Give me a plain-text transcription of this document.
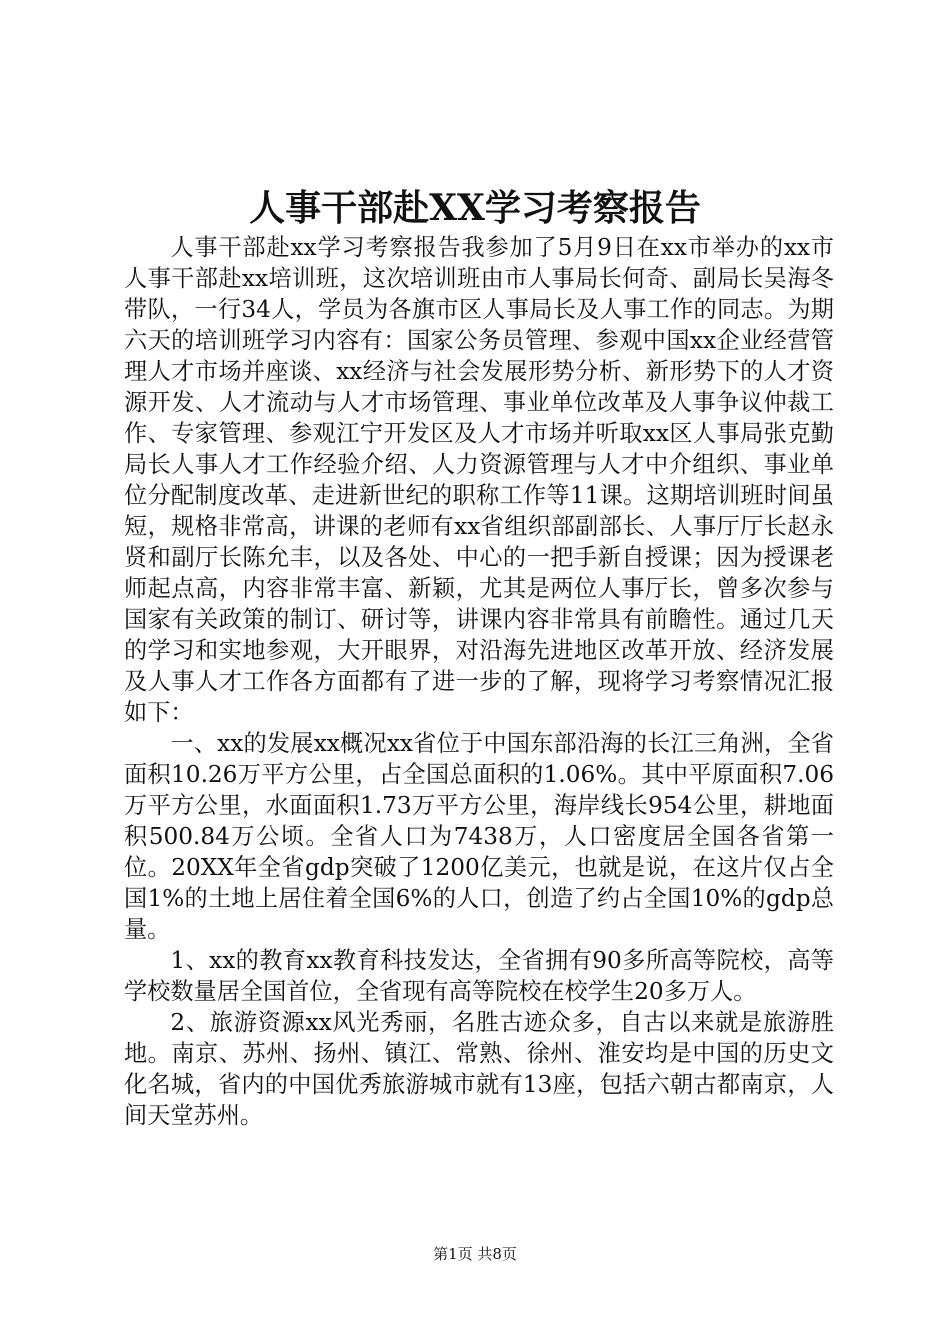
人事干部赴XX学习考察报告

人事干部赴xx学习考察报告我参加了5月9日在xx市举办的xx市人事干部赴xx培训班，这次培训班由市人事局长何奇、副局长吴海冬带队，一行34人，学员为各旗市区人事局长及人事工作的同志。为期六天的培训班学习内容有：国家公务员管理、参观中国xx企业经营管理人才市场并座谈、xx经济与社会发展形势分析、新形势下的人才资源开发、人才流动与人才市场管理、事业单位改革及人事争议仲裁工作、专家管理、参观江宁开发区及人才市场并听取xx区人事局张克勤局长人事人才工作经验介绍、人力资源管理与人才中介组织、事业单位分配制度改革、走进新世纪的职称工作等11课。这期培训班时间虽短，规格非常高，讲课的老师有xx省组织部副部长、人事厅厅长赵永贤和副厅长陈允丰，以及各处、中心的一把手新自授课；因为授课老师起点高，内容非常丰富、新颖，尤其是两位人事厅长，曾多次参与国家有关政策的制订、研讨等，讲课内容非常具有前瞻性。通过几天的学习和实地参观，大开眼界，对沿海先进地区改革开放、经济发展及人事人才工作各方面都有了进一步的了解，现将学习考察情况汇报如下：

一、xx的发展xx概况xx省位于中国东部沿海的长江三角洲，全省面积10.26万平方公里，占全国总面积的1.06%。其中平原面积7.06万平方公里，水面面积1.73万平方公里，海岸线长954公里，耕地面积500.84万公顷。全省人口为7438万，人口密度居全国各省第一位。20XX年全省gdp突破了1200亿美元，也就是说，在这片仅占全国1%的土地上居住着全国6%的人口，创造了约占全国10%的gdp总量。

1、xx的教育xx教育科技发达，全省拥有90多所高等院校，高等学校数量居全国首位，全省现有高等院校在校学生20多万人。

2、旅游资源xx风光秀丽，名胜古迹众多，自古以来就是旅游胜地。南京、苏州、扬州、镇江、常熟、徐州、淮安均是中国的历史文化名城，省内的中国优秀旅游城市就有13座，包括六朝古都南京，人间天堂苏州。

第1页 共8页
